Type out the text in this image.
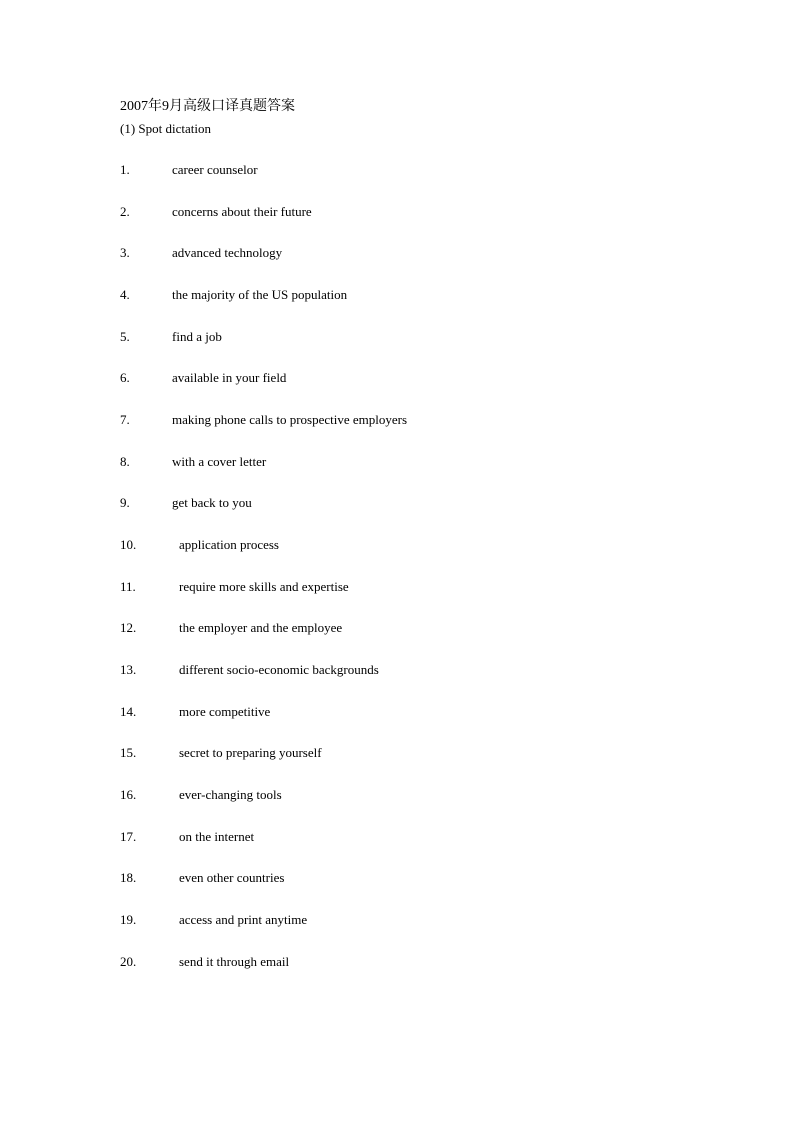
2007年9月高级口译真题答案
(1) Spot dictation
1.	career counselor
2.	concerns about their future
3.	advanced technology
4.	the majority of the US population
5.	find a job
6.	available in your field
7.	making phone calls to prospective employers
8.	with a cover letter
9.	get back to you
10.	application process
11.	require more skills and expertise
12.	the employer and the employee
13.	different socio-economic backgrounds
14.	more competitive
15.	secret to preparing yourself
16.	ever-changing tools
17.	on the internet
18.	even other countries
19.	access and print anytime
20.	send it through email
